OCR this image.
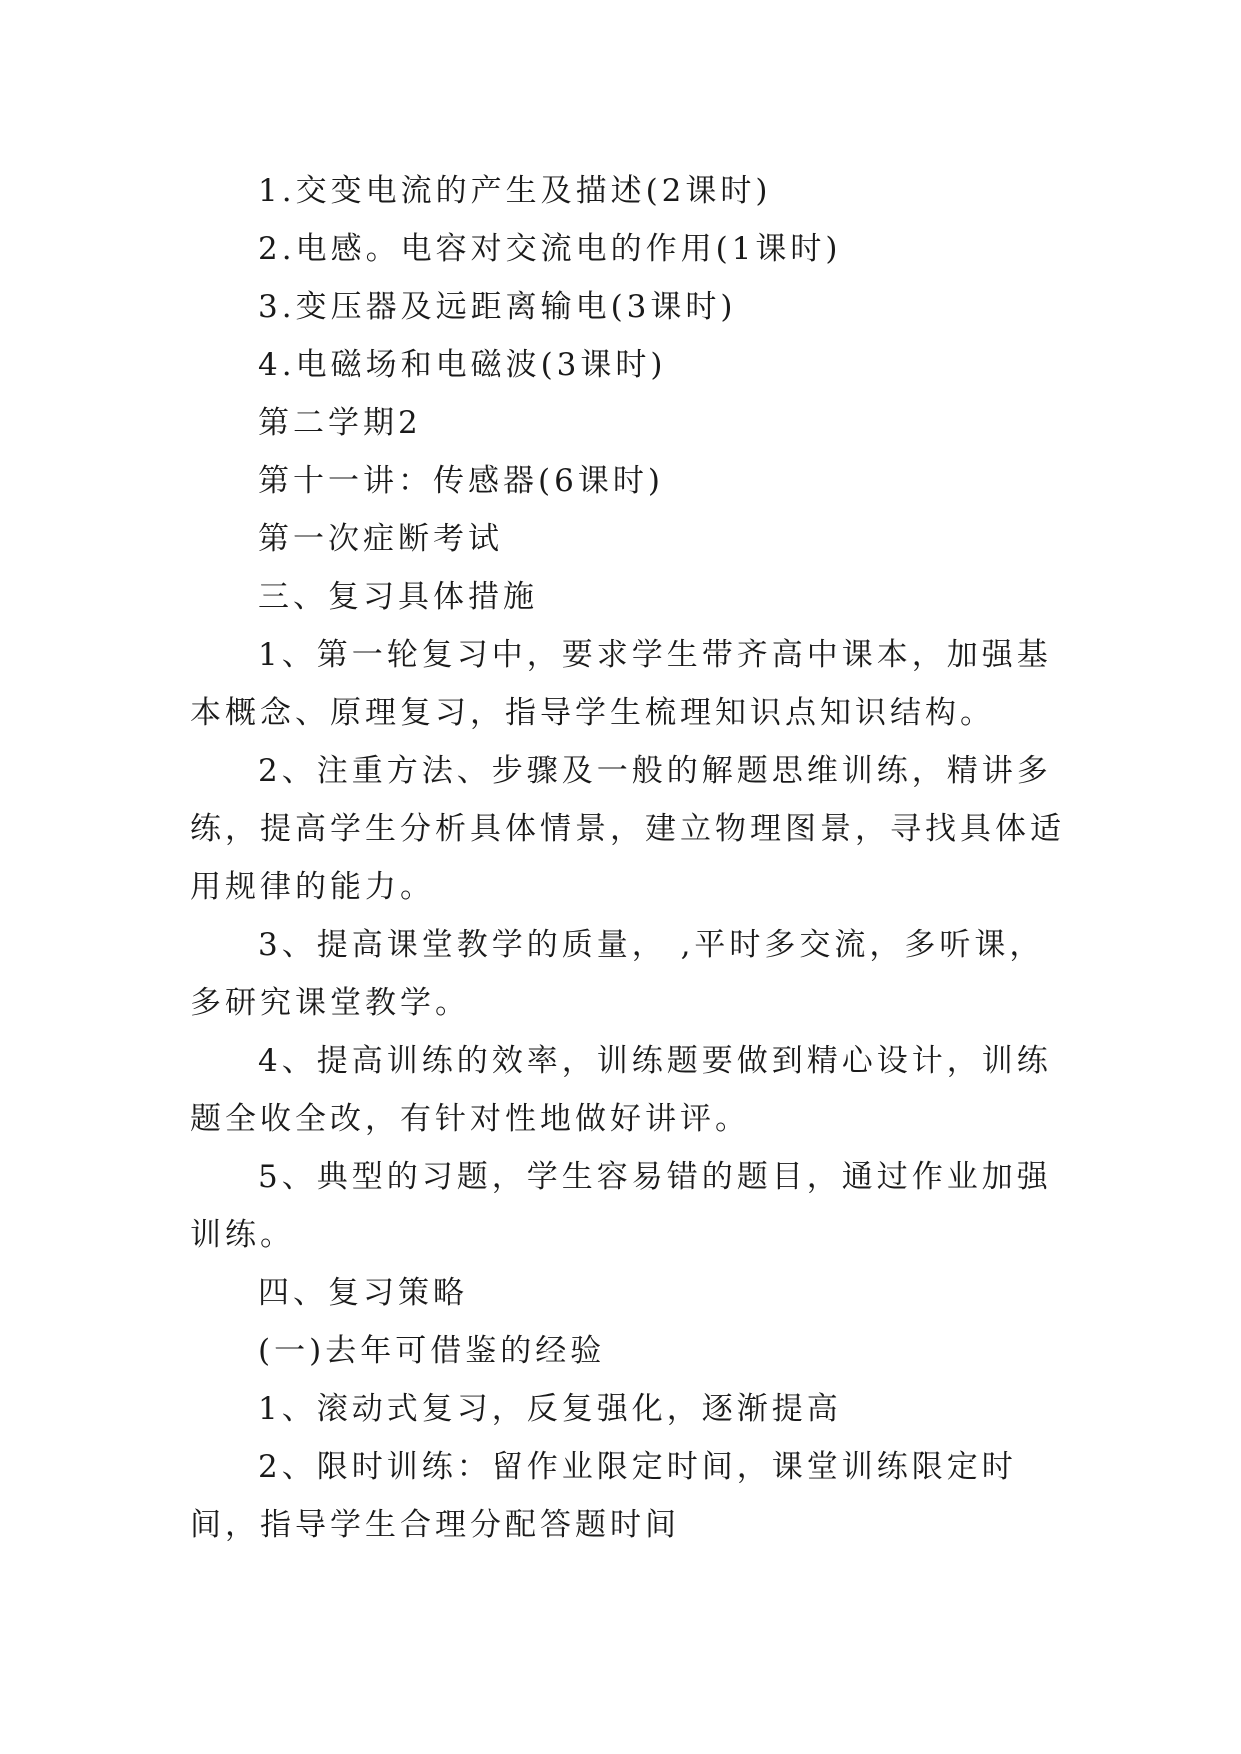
1.交变电流的产生及描述(2课时)

2.电感。电容对交流电的作用(1课时)

3.变压器及远距离输电(3课时)

4.电磁场和电磁波(3课时)

第二学期2

第十一讲：传感器(6课时)

第一次症断考试

三、复习具体措施

1、第一轮复习中，要求学生带齐高中课本，加强基本概念、原理复习，指导学生梳理知识点知识结构。

2、注重方法、步骤及一般的解题思维训练，精讲多练，提高学生分析具体情景，建立物理图景，寻找具体适用规律的能力。

3、提高课堂教学的质量， ,平时多交流，多听课，多研究课堂教学。

4、提高训练的效率，训练题要做到精心设计，训练题全收全改，有针对性地做好讲评。

5、典型的习题，学生容易错的题目，通过作业加强训练。

四、复习策略

(一)去年可借鉴的经验

1、滚动式复习，反复强化，逐渐提高

2、限时训练：留作业限定时间，课堂训练限定时间，指导学生合理分配答题时间
